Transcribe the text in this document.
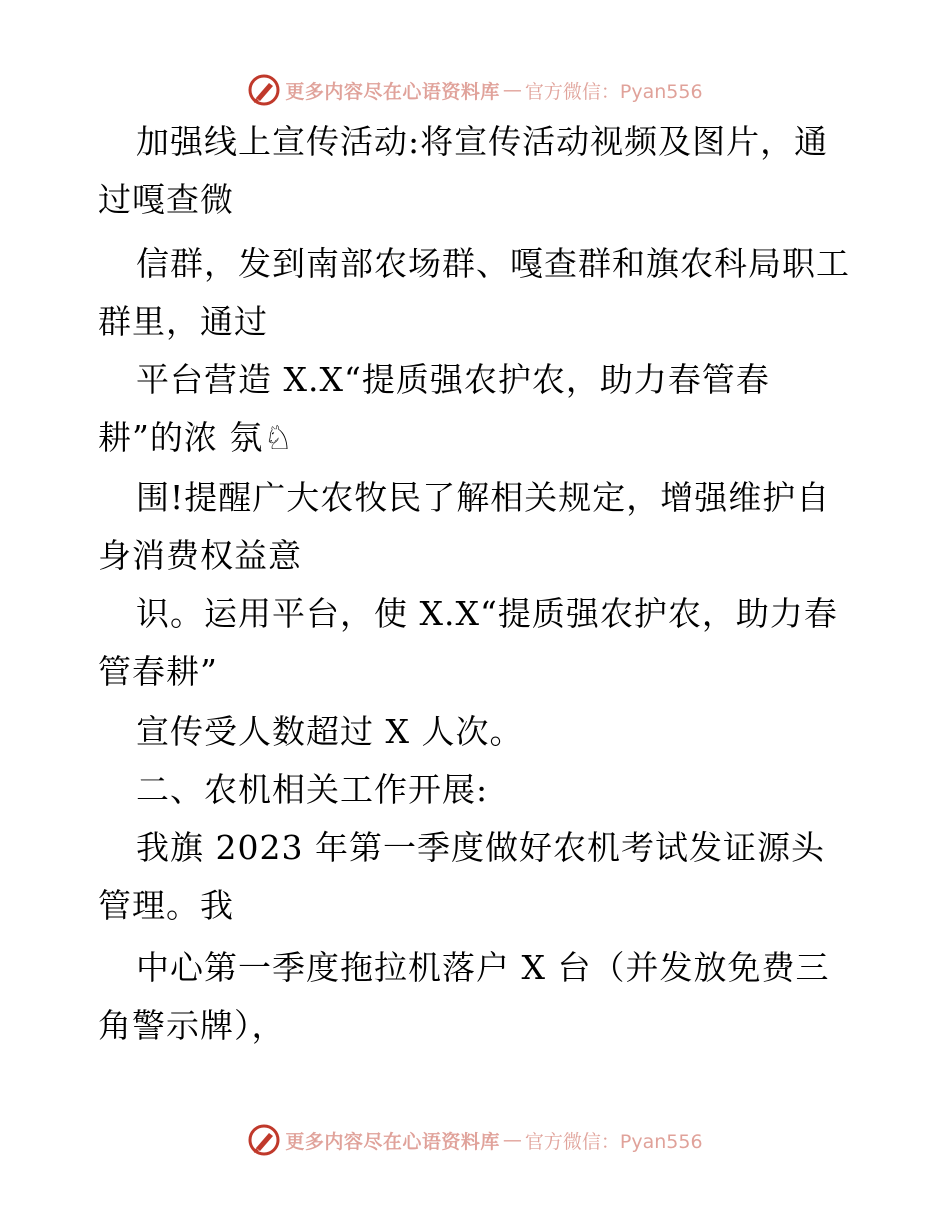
更多内容尽在心语资料库 — 官方微信：Pyan556
加强线上宣传活动:将宣传活动视频及图片，通
过嘎查微
信群，发到南部农场群、嘎查群和旗农科局职工
群里，通过
平台营造 X.X“提质强农护农，助力春管春
耕”的浓 氛♘
围!提醒广大农牧民了解相关规定，增强维护自
身消费权益意
识。运用平台，使 X.X“提质强农护农，助力春
管春耕”
宣传受人数超过 X 人次。
二、农机相关工作开展:
我旗 2023 年第一季度做好农机考试发证源头
管理。我
中心第一季度拖拉机落户 X 台（并发放免费三
角警示牌），
更多内容尽在心语资料库 — 官方微信：Pyan556
